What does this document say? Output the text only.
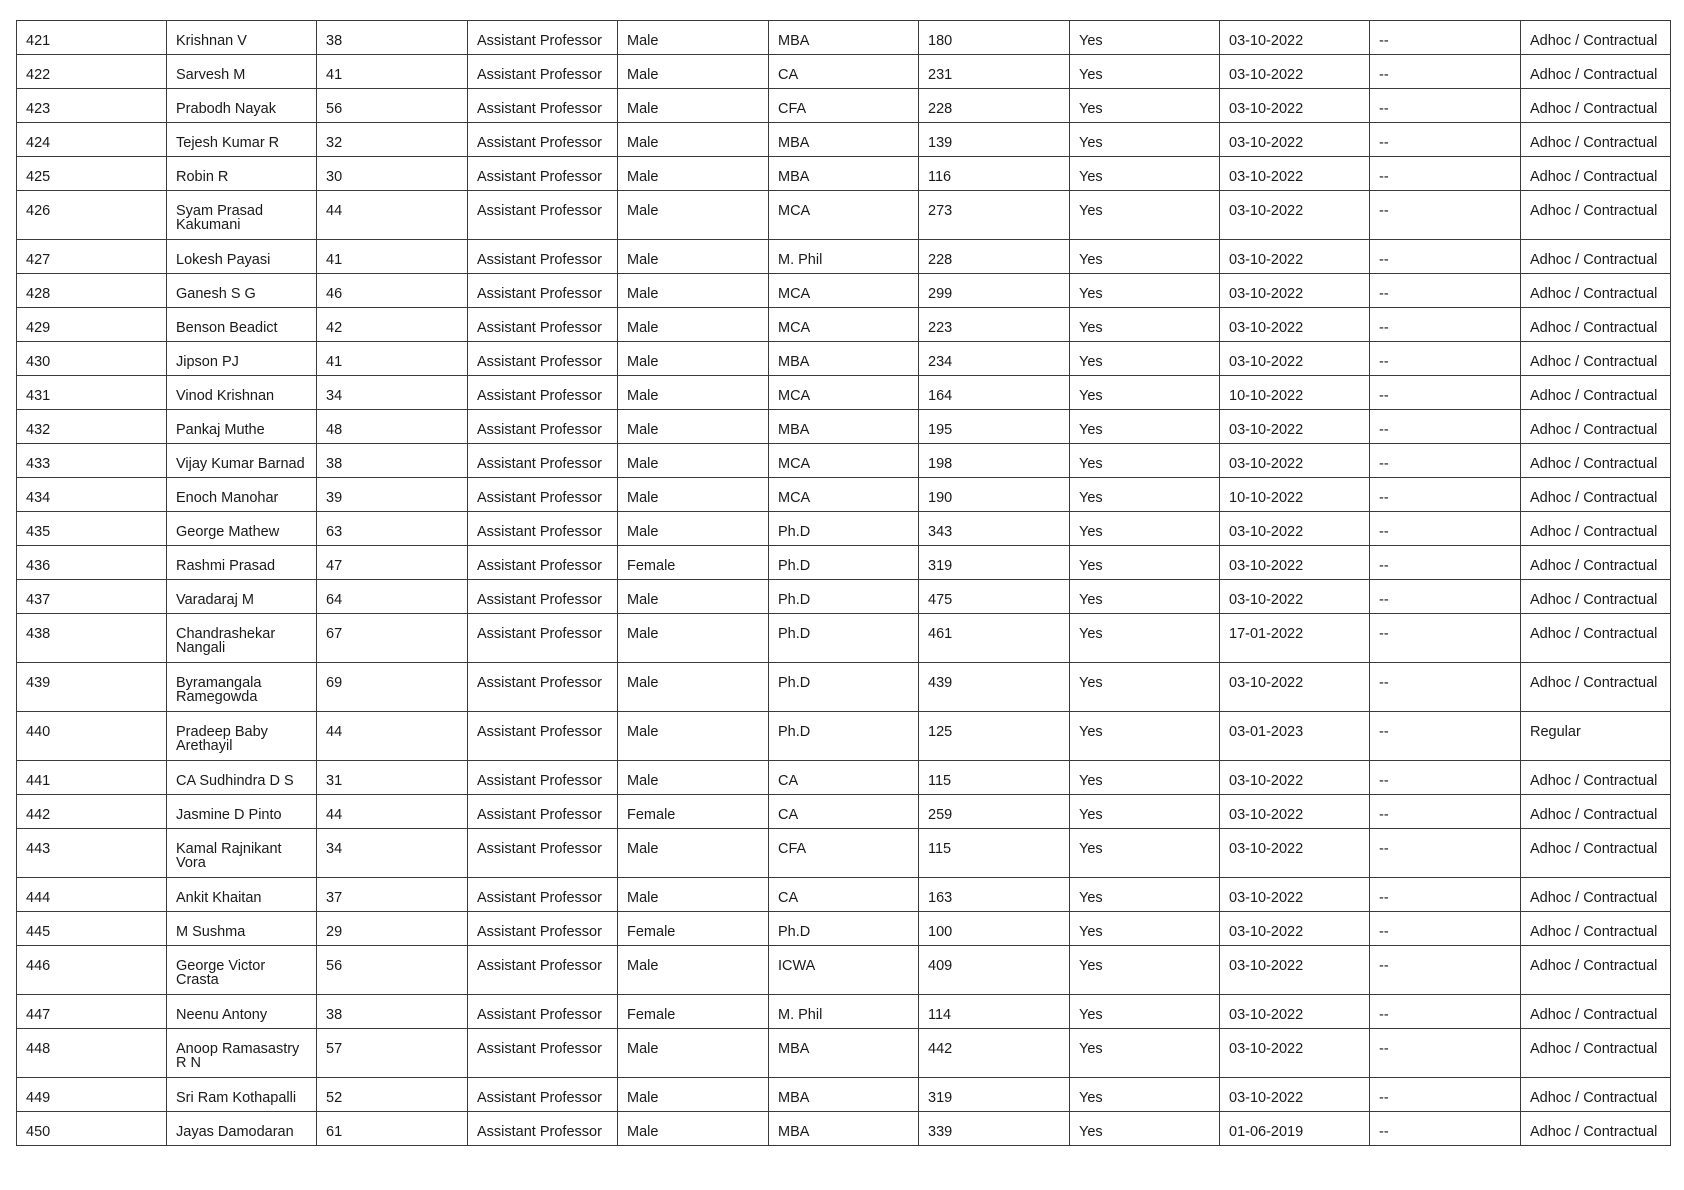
421	Krishnan V	38	Assistant Professor	Male	MBA	180	Yes	03-10-2022	--	Adhoc / Contractual
422	Sarvesh M	41	Assistant Professor	Male	CA	231	Yes	03-10-2022	--	Adhoc / Contractual
423	Prabodh Nayak	56	Assistant Professor	Male	CFA	228	Yes	03-10-2022	--	Adhoc / Contractual
424	Tejesh Kumar R	32	Assistant Professor	Male	MBA	139	Yes	03-10-2022	--	Adhoc / Contractual
425	Robin R	30	Assistant Professor	Male	MBA	116	Yes	03-10-2022	--	Adhoc / Contractual
426	Syam Prasad Kakumani	44	Assistant Professor	Male	MCA	273	Yes	03-10-2022	--	Adhoc / Contractual
427	Lokesh Payasi	41	Assistant Professor	Male	M. Phil	228	Yes	03-10-2022	--	Adhoc / Contractual
428	Ganesh S G	46	Assistant Professor	Male	MCA	299	Yes	03-10-2022	--	Adhoc / Contractual
429	Benson Beadict	42	Assistant Professor	Male	MCA	223	Yes	03-10-2022	--	Adhoc / Contractual
430	Jipson PJ	41	Assistant Professor	Male	MBA	234	Yes	03-10-2022	--	Adhoc / Contractual
431	Vinod Krishnan	34	Assistant Professor	Male	MCA	164	Yes	10-10-2022	--	Adhoc / Contractual
432	Pankaj Muthe	48	Assistant Professor	Male	MBA	195	Yes	03-10-2022	--	Adhoc / Contractual
433	Vijay Kumar Barnad	38	Assistant Professor	Male	MCA	198	Yes	03-10-2022	--	Adhoc / Contractual
434	Enoch Manohar	39	Assistant Professor	Male	MCA	190	Yes	10-10-2022	--	Adhoc / Contractual
435	George Mathew	63	Assistant Professor	Male	Ph.D	343	Yes	03-10-2022	--	Adhoc / Contractual
436	Rashmi Prasad	47	Assistant Professor	Female	Ph.D	319	Yes	03-10-2022	--	Adhoc / Contractual
437	Varadaraj M	64	Assistant Professor	Male	Ph.D	475	Yes	03-10-2022	--	Adhoc / Contractual
438	Chandrashekar Nangali	67	Assistant Professor	Male	Ph.D	461	Yes	17-01-2022	--	Adhoc / Contractual
439	Byramangala Ramegowda	69	Assistant Professor	Male	Ph.D	439	Yes	03-10-2022	--	Adhoc / Contractual
440	Pradeep Baby Arethayil	44	Assistant Professor	Male	Ph.D	125	Yes	03-01-2023	--	Regular
441	CA Sudhindra D S	31	Assistant Professor	Male	CA	115	Yes	03-10-2022	--	Adhoc / Contractual
442	Jasmine D Pinto	44	Assistant Professor	Female	CA	259	Yes	03-10-2022	--	Adhoc / Contractual
443	Kamal Rajnikant Vora	34	Assistant Professor	Male	CFA	115	Yes	03-10-2022	--	Adhoc / Contractual
444	Ankit Khaitan	37	Assistant Professor	Male	CA	163	Yes	03-10-2022	--	Adhoc / Contractual
445	M Sushma	29	Assistant Professor	Female	Ph.D	100	Yes	03-10-2022	--	Adhoc / Contractual
446	George Victor Crasta	56	Assistant Professor	Male	ICWA	409	Yes	03-10-2022	--	Adhoc / Contractual
447	Neenu Antony	38	Assistant Professor	Female	M. Phil	114	Yes	03-10-2022	--	Adhoc / Contractual
448	Anoop Ramasastry R N	57	Assistant Professor	Male	MBA	442	Yes	03-10-2022	--	Adhoc / Contractual
449	Sri Ram Kothapalli	52	Assistant Professor	Male	MBA	319	Yes	03-10-2022	--	Adhoc / Contractual
450	Jayas Damodaran	61	Assistant Professor	Male	MBA	339	Yes	01-06-2019	--	Adhoc / Contractual
